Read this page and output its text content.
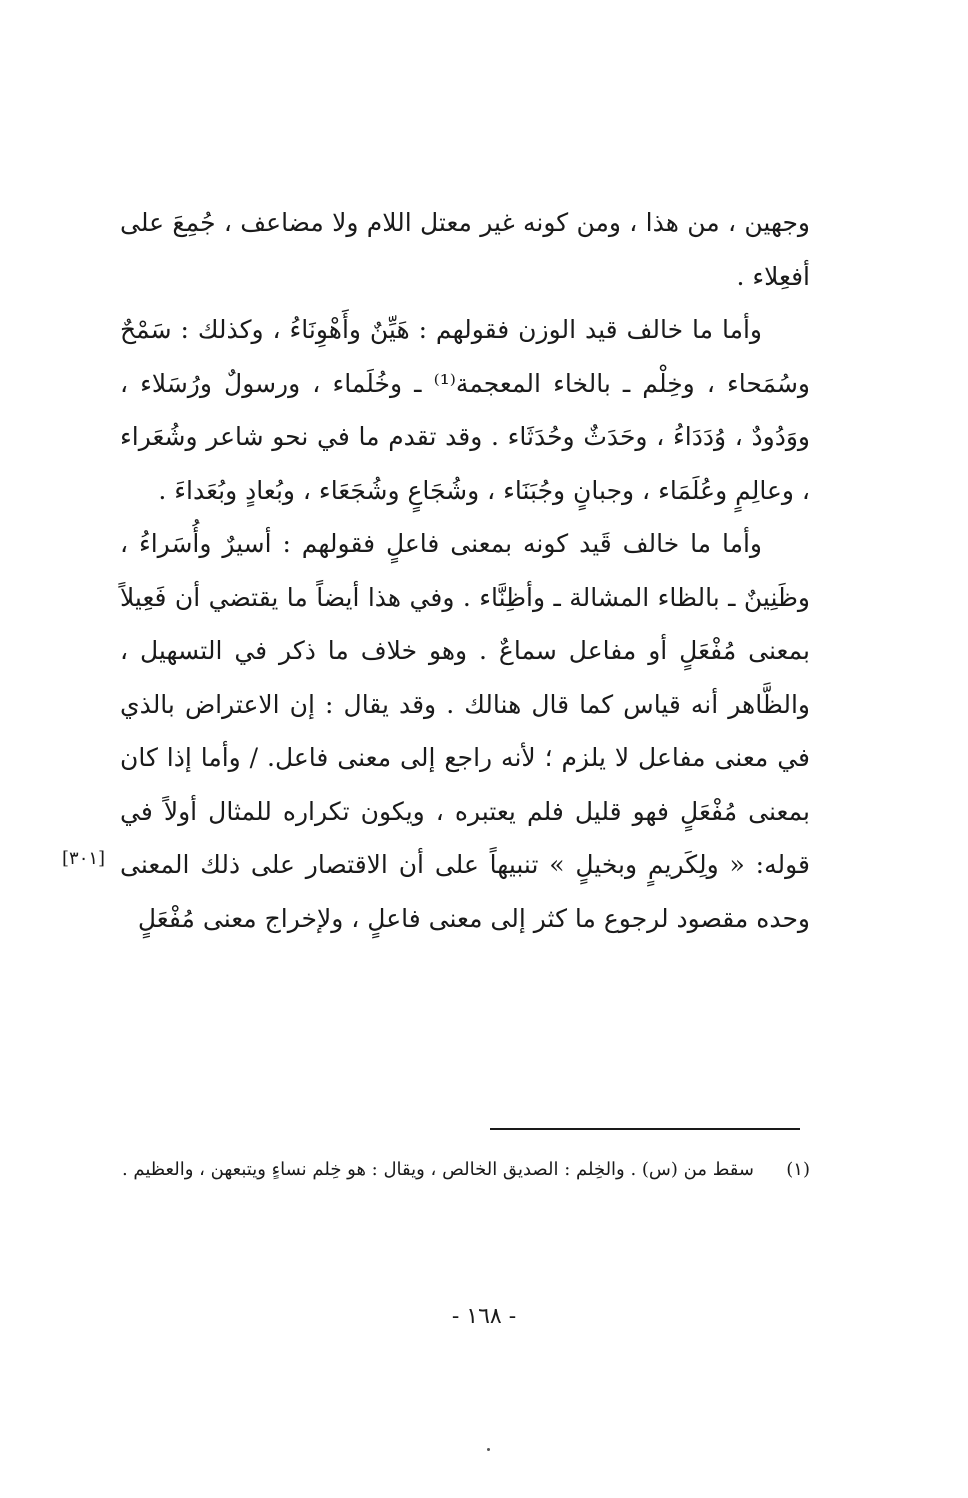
وجهين ، من هذا ، ومن كونه غير معتل اللام ولا مضاعف ، جُمِعَ على أفعِلاء .

وأما ما خالف قيد الوزن فقولهم : هَيِّنٌ وأَهْوِنَاءُ ، وكذلك : سَمْحٌ وسُمَحاء ، وخِلْم ـ بالخاء المعجمة⁽¹⁾ ـ وخُلَماء ، ورسولٌ ورُسَلاء ، ووَدُودٌ ، وُدَدَاءُ ، وحَدَثٌ وحُدَثَاء . وقد تقدم ما في نحو شاعر وشُعَراء ، وعالِمٍ وعُلَمَاء ، وجبانٍ وجُبَنَاء ، وشُجَاعٍ وشُجَعَاء ، وبُعادٍ وبُعَداءَ .

وأما ما خالف قَيد كونه بمعنى فاعلٍ فقولهم : أسيرٌ وأُسَراءُ ، وظَنِينٌ ـ بالظاء المشالة ـ وأظِنَّاء . وفي هذا أيضاً ما يقتضي أن فَعِيلاً بمعنى مُفْعَلٍ أو مفاعل سماعٌ . وهو خلاف ما ذكر في التسهيل ، والظَّاهر أنه قياس كما قال هنالك . وقد يقال : إن الاعتراض بالذي في معنى مفاعل لا يلزم ؛ لأنه راجع إلى معنى فاعل. / وأما إذا كان بمعنى مُفْعَلٍ فهو قليل فلم يعتبره ، ويكون تكراره للمثال أولاً في قوله: « ولِكَريمٍ وبخيلٍ » تنبيهاً على أن الاقتصار على ذلك المعنى وحده مقصود لرجوع ما كثر إلى معنى فاعلٍ ، ولإخراج معنى مُفْعَلٍ

[٣٠١]
(١)
سقط من (س) . والخِلم : الصديق الخالص ، ويقال : هو خِلم نساءٍ ويتبعهن ، والعظيم .
- ١٦٨ -
